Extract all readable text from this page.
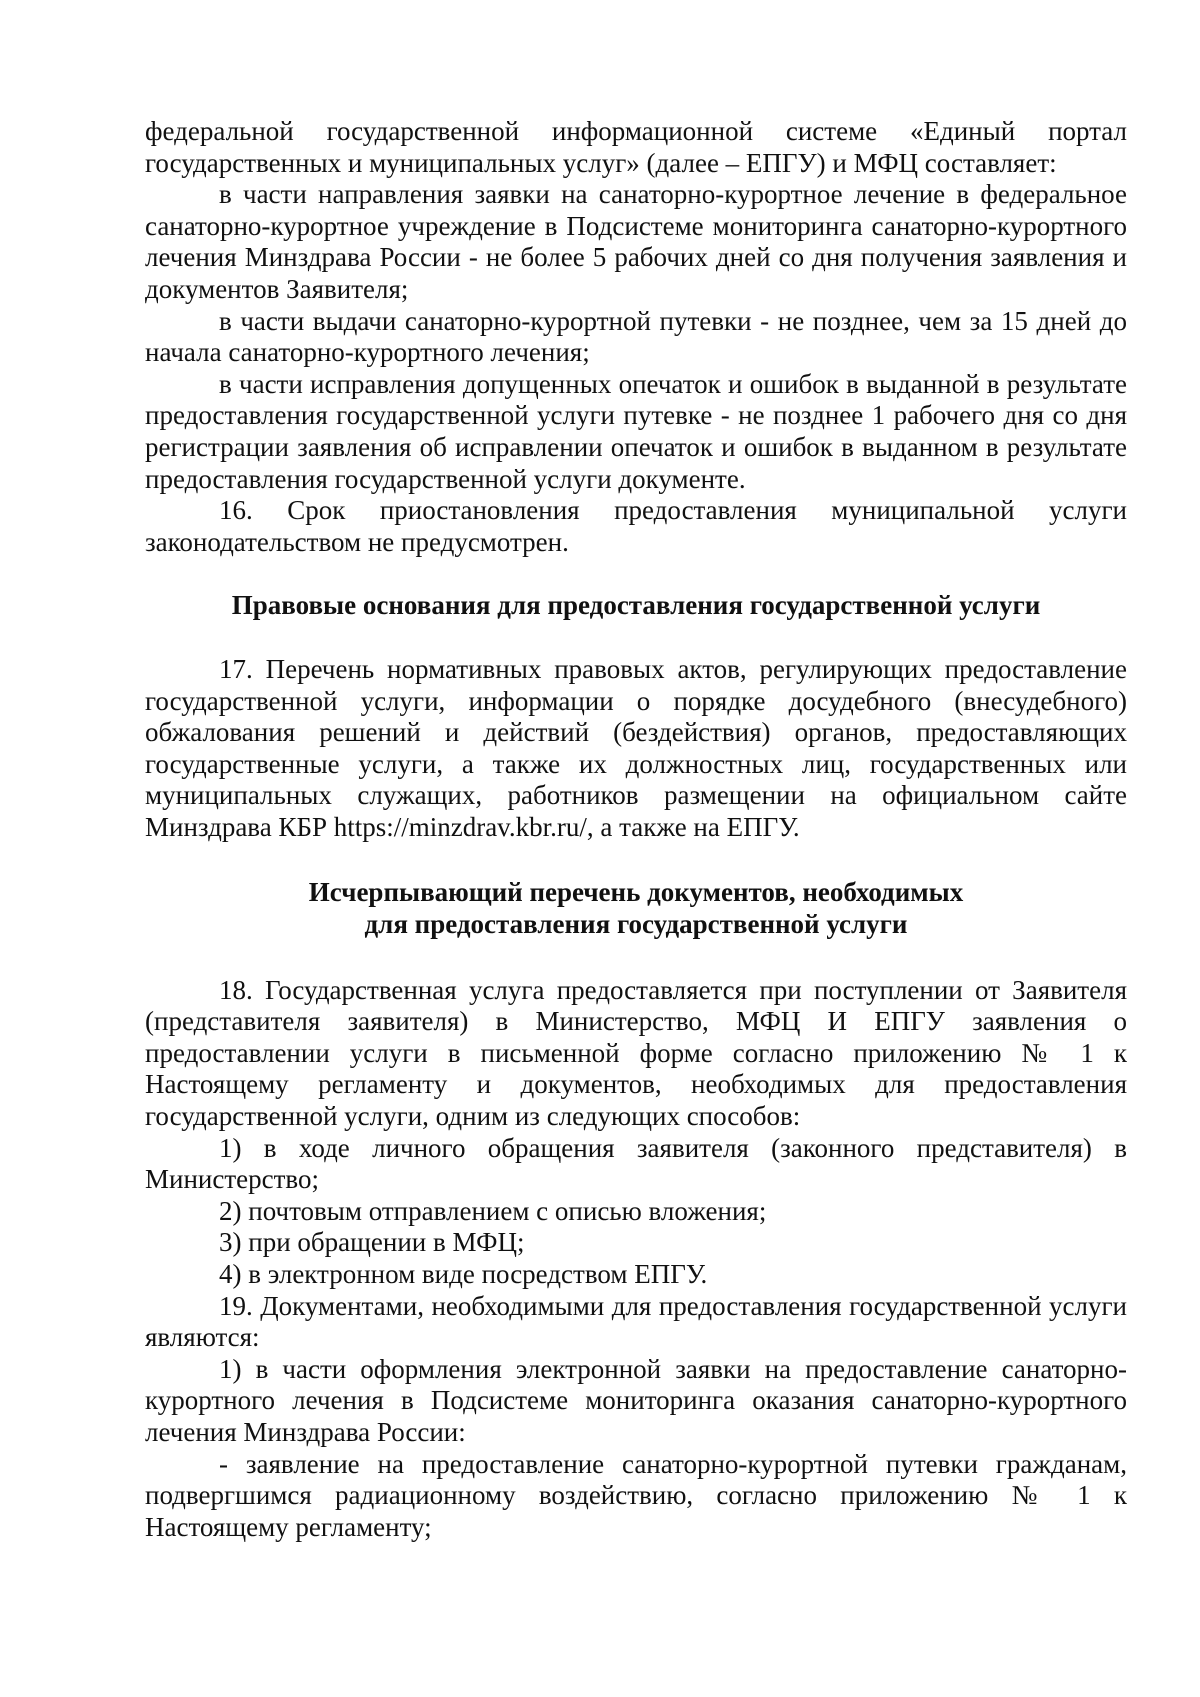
федеральной государственной информационной системе «Единый портал государственных и муниципальных услуг» (далее – ЕПГУ) и МФЦ составляет:

в части направления заявки на санаторно-курортное лечение в федеральное санаторно-курортное учреждение в Подсистеме мониторинга санаторно-курортного лечения Минздрава России - не более 5 рабочих дней со дня получения заявления и документов Заявителя;

в части выдачи санаторно-курортной путевки - не позднее, чем за 15 дней до начала санаторно-курортного лечения;

в части исправления допущенных опечаток и ошибок в выданной в результате предоставления государственной услуги путевке - не позднее 1 рабочего дня со дня регистрации заявления об исправлении опечаток и ошибок в выданном в результате предоставления государственной услуги документе.

16. Срок приостановления предоставления муниципальной услуги законодательством не предусмотрен.

Правовые основания для предоставления государственной услуги

17. Перечень нормативных правовых актов, регулирующих предоставление государственной услуги, информации о порядке досудебного (внесудебного) обжалования решений и действий (бездействия) органов, предоставляющих государственные услуги, а также их должностных лиц, государственных или муниципальных служащих, работников размещении на официальном сайте Минздрава КБР https://minzdrav.kbr.ru/, а также на ЕПГУ.

Исчерпывающий перечень документов, необходимых
для предоставления государственной услуги

18. Государственная услуга предоставляется при поступлении от Заявителя (представителя заявителя) в Министерство, МФЦ И ЕПГУ заявления о предоставлении услуги в письменной форме согласно приложению № 1 к Настоящему регламенту и документов, необходимых для предоставления государственной услуги, одним из следующих способов:

1) в ходе личного обращения заявителя (законного представителя) в Министерство;

2) почтовым отправлением с описью вложения;

3) при обращении в МФЦ;

4) в электронном виде посредством ЕПГУ.

19. Документами, необходимыми для предоставления государственной услуги являются:

1) в части оформления электронной заявки на предоставление санаторно-курортного лечения в Подсистеме мониторинга оказания санаторно-курортного лечения Минздрава России:

- заявление на предоставление санаторно-курортной путевки гражданам, подвергшимся радиационному воздействию, согласно приложению № 1 к Настоящему регламенту;
